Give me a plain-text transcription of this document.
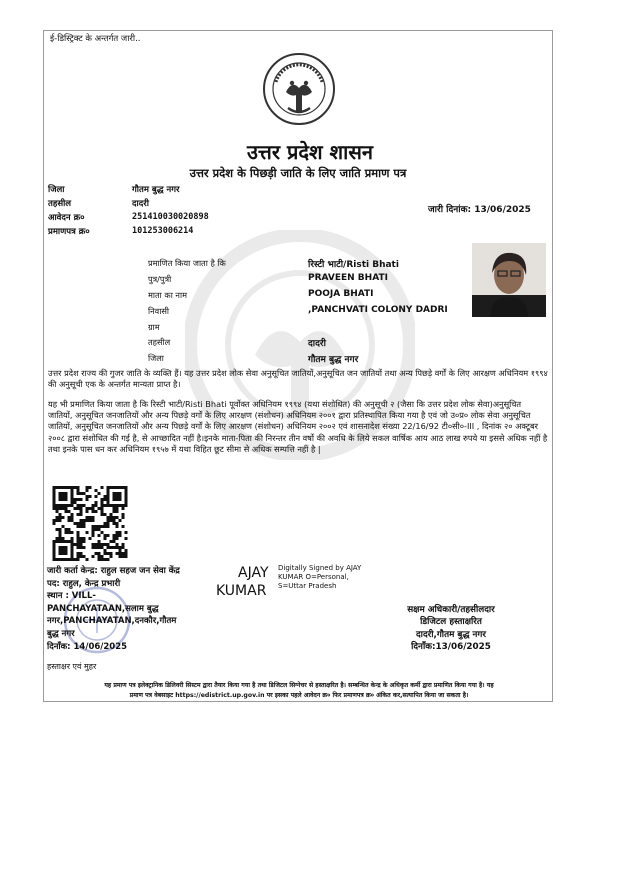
ई-डिस्ट्रिक्ट के अन्तर्गत जारी..
उत्तर प्रदेश शासन
उत्तर प्रदेश के पिछड़ी जाति के लिए जाति प्रमाण पत्र
जिला	गौतम बुद्ध नगर
तहसील	दादरी
आवेदन क्र०	251410030020898
प्रमाणपत्र क्र०	101253006214
जारी दिनांक: 13/06/2025
प्रमाणित किया जाता है कि	रिस्टी भाटी/Risti Bhati
पुत्र/पुत्री	PRAVEEN BHATI
माता का नाम	POOJA BHATI
निवासी	,PANCHVATI COLONY DADRI
ग्राम
तहसील	दादरी
जिला	गौतम बुद्ध नगर

उत्तर प्रदेश राज्य की गुजर जाति के व्यक्ति हैं। यह उत्तर प्रदेश लोक सेवा अनुसूचित जातियों,अनुसूचित जन जातियों तथा अन्य पिछड़े वर्गों के लिए आरक्षण अधिनियम १९९४ की अनुसूची एक के अन्तर्गत मान्यता प्राप्त है।

यह भी प्रमाणित किया जाता है कि रिस्टी भाटी/Risti Bhati पूर्वोक्त अधिनियम १९९४ (यथा संशोधित) की अनुसूची २ (जैसा कि उत्तर प्रदेश लोक सेवा)अनुसूचित जातियों, अनुसूचित जनजातियों और अन्य पिछड़े वर्गों के लिए आरक्षण (संशोधन) अधिनियम २००१ द्वारा प्रतिस्थापित किया गया है एवं जो उ०प्र० लोक सेवा अनुसूचित जातियों, अनुसूचित जनजातियों और अन्य पिछड़े वर्गों के लिए आरक्षण (संशोधन) अधिनियम २००२ एवं शासनादेश संख्या 22/16/92 टी०सी०-III , दिनांक २० अक्टूबर २००८ द्वारा संशोधित की गई है, से आच्छादित नहीं है।इनके माता-पिता की निरन्तर तीन वर्षो की अवधि के लिये सकल वार्षिक आय आठ लाख रुपये या इससे अधिक नहीं है तथा इनके पास धन कर अधिनियम १९५७ में यथा विहित छूट सीमा से अधिक सम्पत्ति नहीं है |

जारी कर्ता केन्द्र: राहुल सहज जन सेवा केंद्र
पद: राहुल, केन्द्र प्रभारी
स्थान : VILL-
PANCHAYATAAN,सलाम बुद्ध
नगर,PANCHAYATAN,दनकौर,गौतम
बुद्ध नगर
दिनाँक: 14/06/2025
हस्ताक्षर एवं मुहर
AJAY
KUMAR
Digitally Signed by AJAY
KUMAR O=Personal,
S=Uttar Pradesh
सक्षम अधिकारी/तहसीलदार
डिजिटल हस्ताक्षरित
दादरी,गौतम बुद्ध नगर
दिनाँक:13/06/2025
यह प्रमाण पत्र इलेक्ट्रानिक डिलिवरी सिस्टम द्वारा तैयार किया गया है तथा डिजिटल सिग्नेचर से हस्ताक्षरित है। सम्बन्धित केन्द्र के अधिकृत कर्मी द्वारा प्रमाणित किया गया है। यह
प्रमाण पत्र वेबसाइट https://edistrict.up.gov.in पर इसका पहले आवेदन क्र० फिर प्रमाणपत्र क्र० अंकित कर,सत्यापित किया जा सकता है।
